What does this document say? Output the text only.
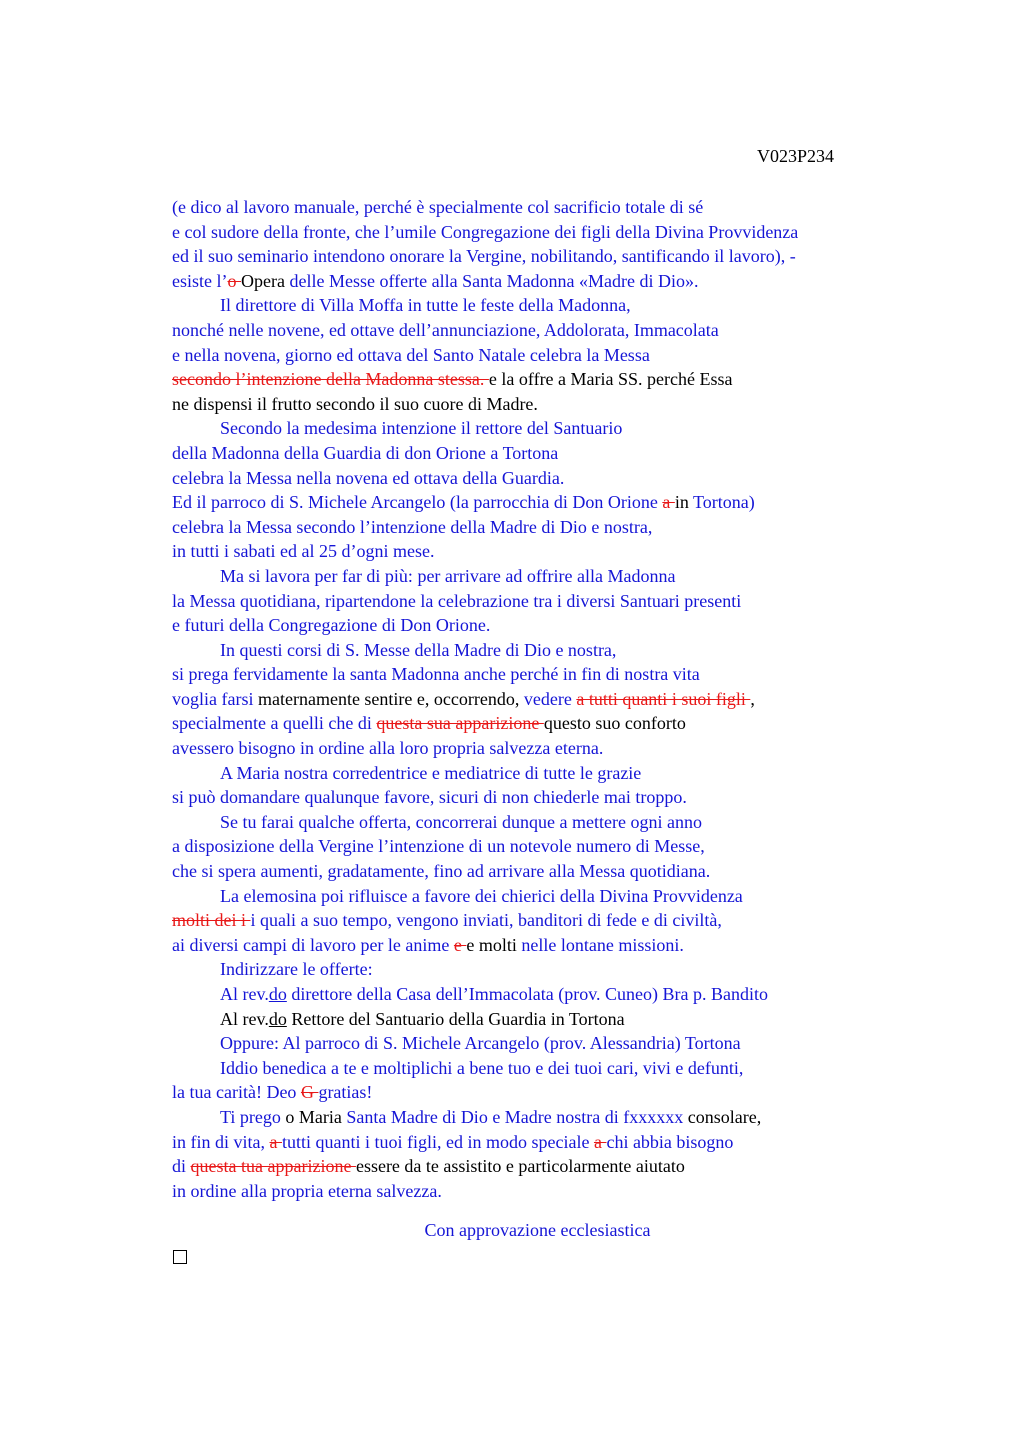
V023P234
(e dico al lavoro manuale, perché è specialmente col sacrificio totale di sé
e col sudore della fronte, che l’umile Congregazione dei figli della Divina Provvidenza
ed il suo seminario intendono onorare la Vergine, nobilitando, santificando il lavoro), -
esiste l’o Opera delle Messe offerte alla Santa Madonna «Madre di Dio».
Il direttore di Villa Moffa in tutte le feste della Madonna,
nonché nelle novene, ed ottave dell’annunciazione, Addolorata, Immacolata
e nella novena, giorno ed ottava del Santo Natale celebra la Messa
secondo l’intenzione della Madonna stessa. e la offre a Maria SS. perché Essa
ne dispensi il frutto secondo il suo cuore di Madre.
Secondo la medesima intenzione il rettore del Santuario
della Madonna della Guardia di don Orione a Tortona
celebra la Messa nella novena ed ottava della Guardia.
Ed il parroco di S. Michele Arcangelo (la parrocchia di Don Orione a in Tortona)
celebra la Messa secondo l’intenzione della Madre di Dio e nostra,
in tutti i sabati ed al 25 d’ogni mese.
Ma si lavora per far di più: per arrivare ad offrire alla Madonna
la Messa quotidiana, ripartendone la celebrazione tra i diversi Santuari presenti
e futuri della Congregazione di Don Orione.
In questi corsi di S. Messe della Madre di Dio e nostra,
si prega fervidamente la santa Madonna anche perché in fin di nostra vita
voglia farsi maternamente sentire e, occorrendo, vedere a tutti quanti i suoi figli ,
specialmente a quelli che di questa sua apparizione questo suo conforto
avessero bisogno in ordine alla loro propria salvezza eterna.
A Maria nostra corredentrice e mediatrice di tutte le grazie
si può domandare qualunque favore, sicuri di non chiederle mai troppo.
Se tu farai qualche offerta, concorrerai dunque a mettere ogni anno
a disposizione della Vergine l’intenzione di un notevole numero di Messe,
che si spera aumenti, gradatamente, fino ad arrivare alla Messa quotidiana.
La elemosina poi rifluisce a favore dei chierici della Divina Provvidenza
molti dei i i quali a suo tempo, vengono inviati, banditori di fede e di civiltà,
ai diversi campi di lavoro per le anime e e molti nelle lontane missioni.
Indirizzare le offerte:
Al rev.do direttore della Casa dell’Immacolata (prov. Cuneo) Bra p. Bandito
Al rev.do Rettore del Santuario della Guardia in Tortona
Oppure: Al parroco di S. Michele Arcangelo (prov. Alessandria) Tortona
Iddio benedica a te e moltiplichi a bene tuo e dei tuoi cari, vivi e defunti,
la tua carità! Deo G gratias!
Ti prego o Maria Santa Madre di Dio e Madre nostra di fxxxxxx consolare,
in fin di vita, a tutti quanti i tuoi figli, ed in modo speciale a chi abbia bisogno
di questa tua apparizione essere da te assistito e particolarmente aiutato
in ordine alla propria eterna salvezza.
Con approvazione ecclesiastica
